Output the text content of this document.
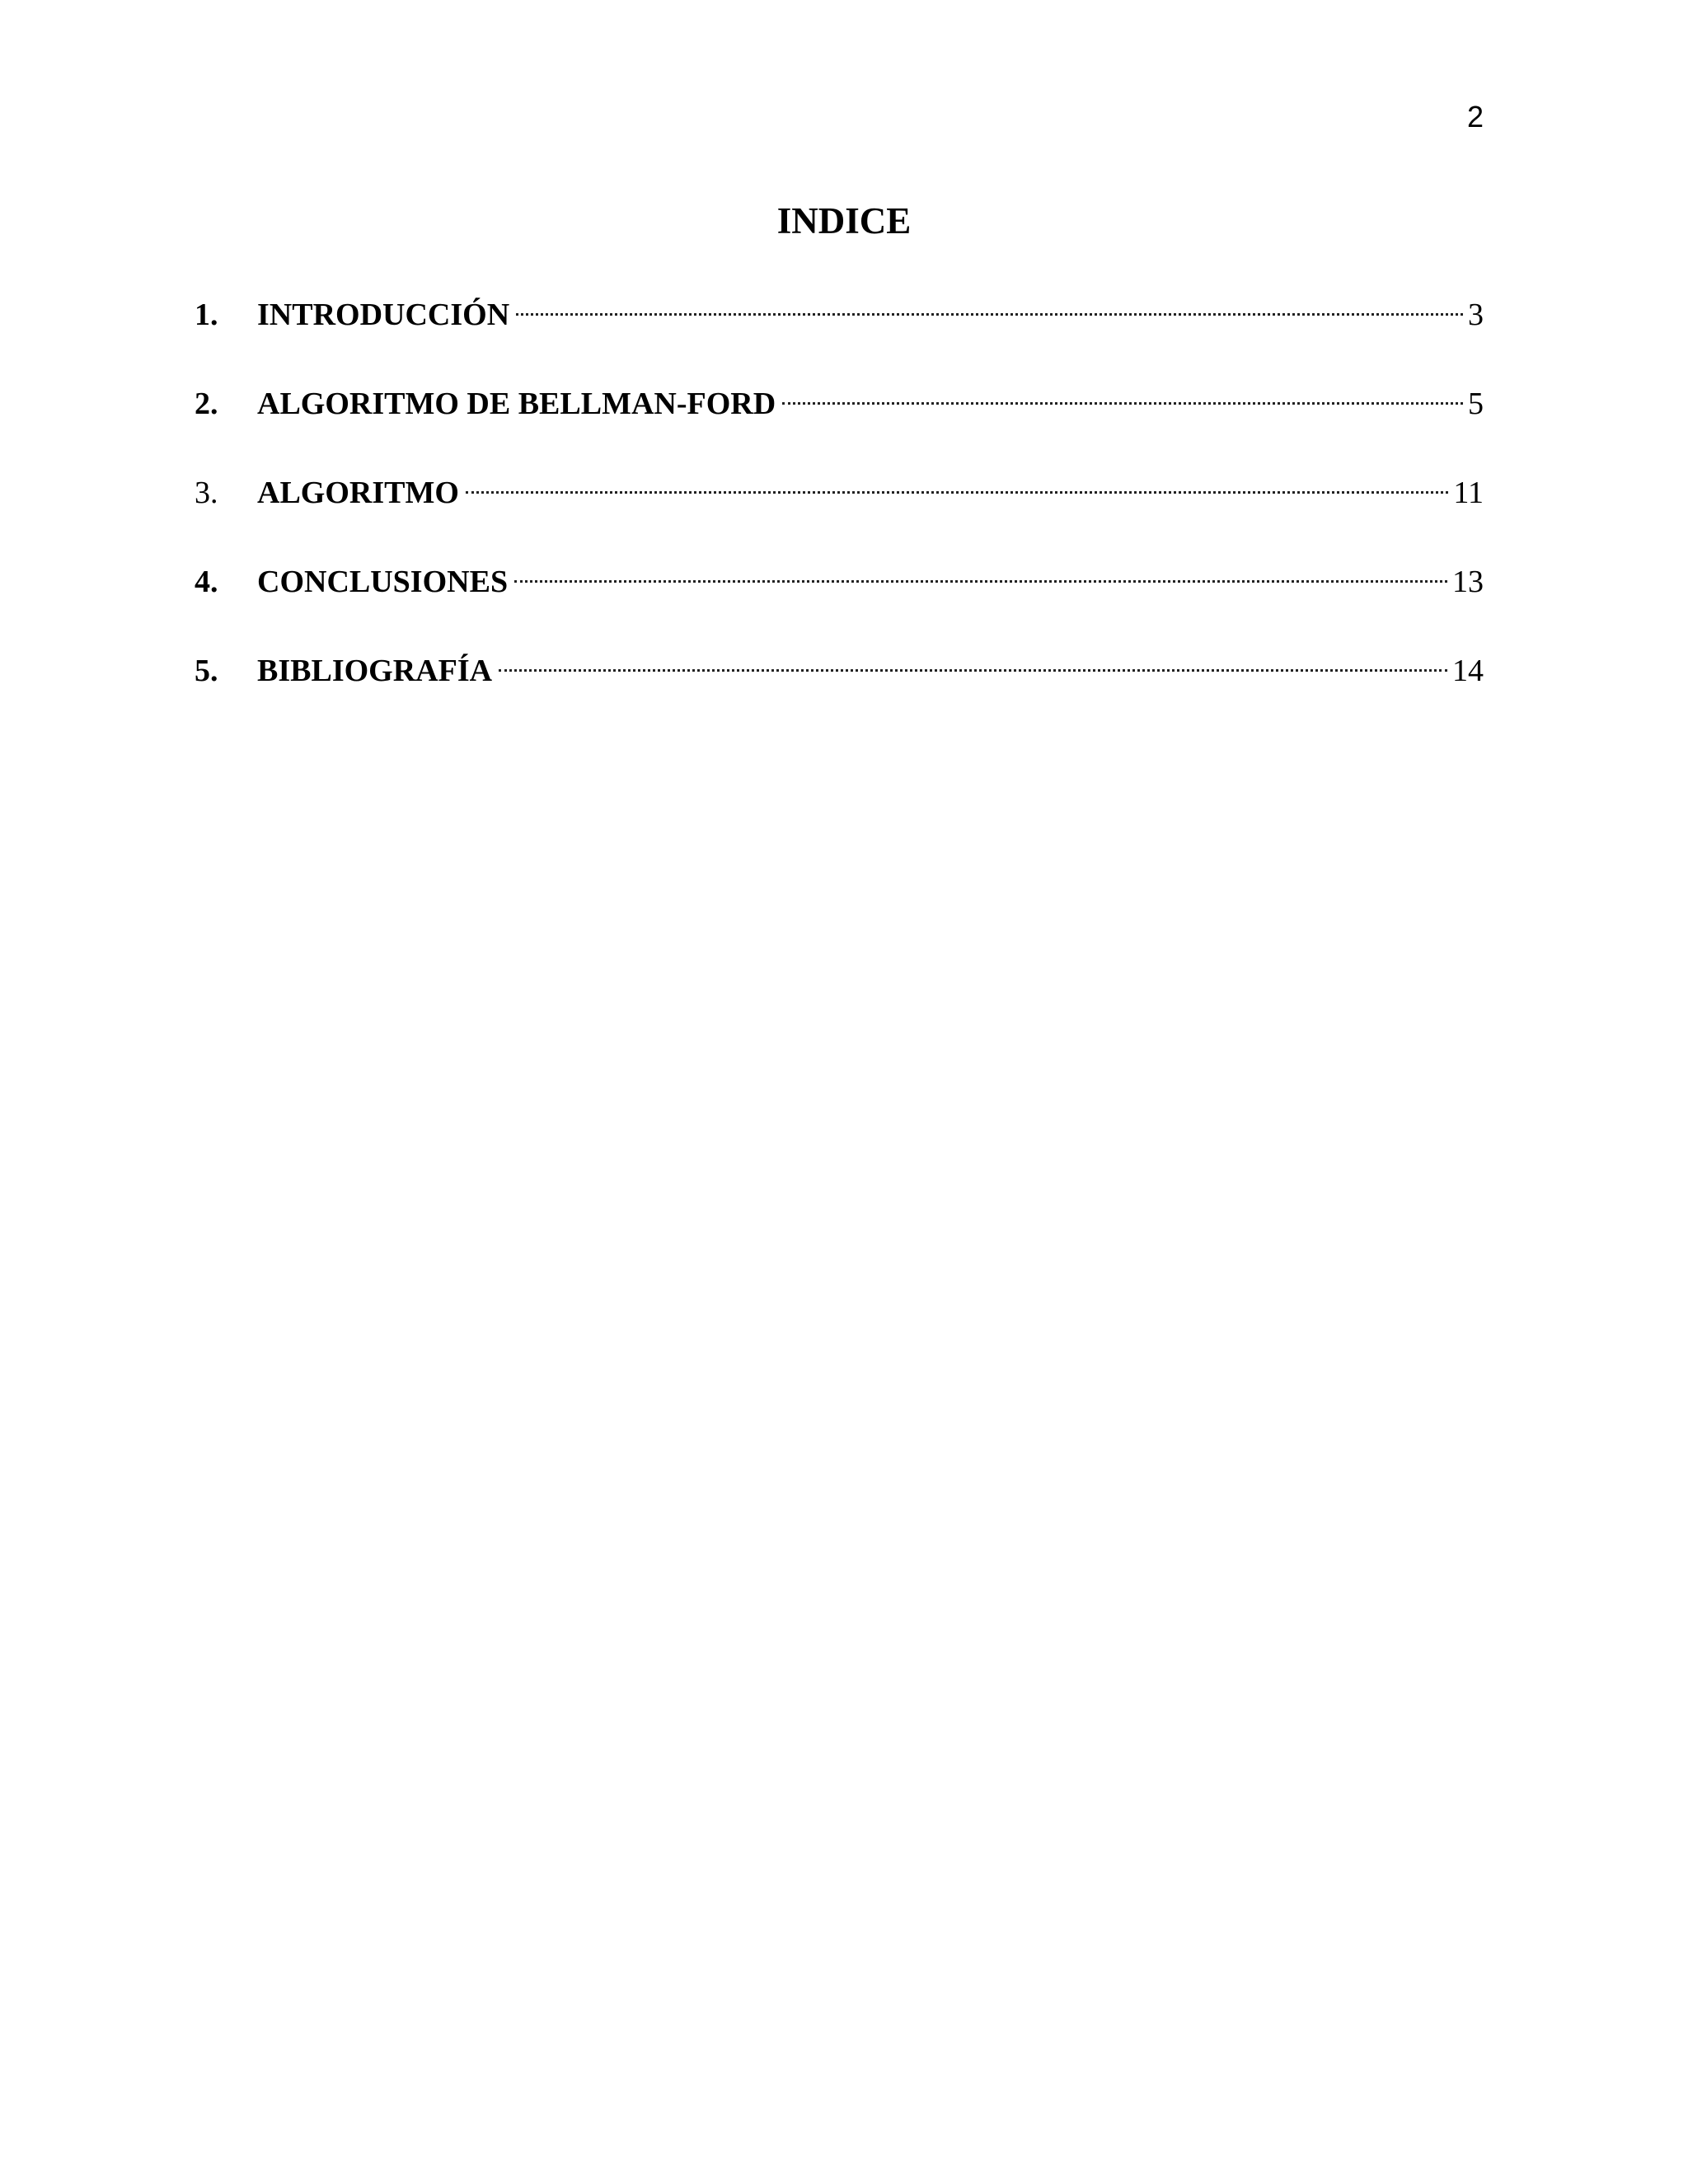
2
INDICE
1.	INTRODUCCIÓN	3
2.	ALGORITMO DE BELLMAN-FORD	5
3.	ALGORITMO	11
4.	CONCLUSIONES	13
5.	BIBLIOGRAFÍA	14
